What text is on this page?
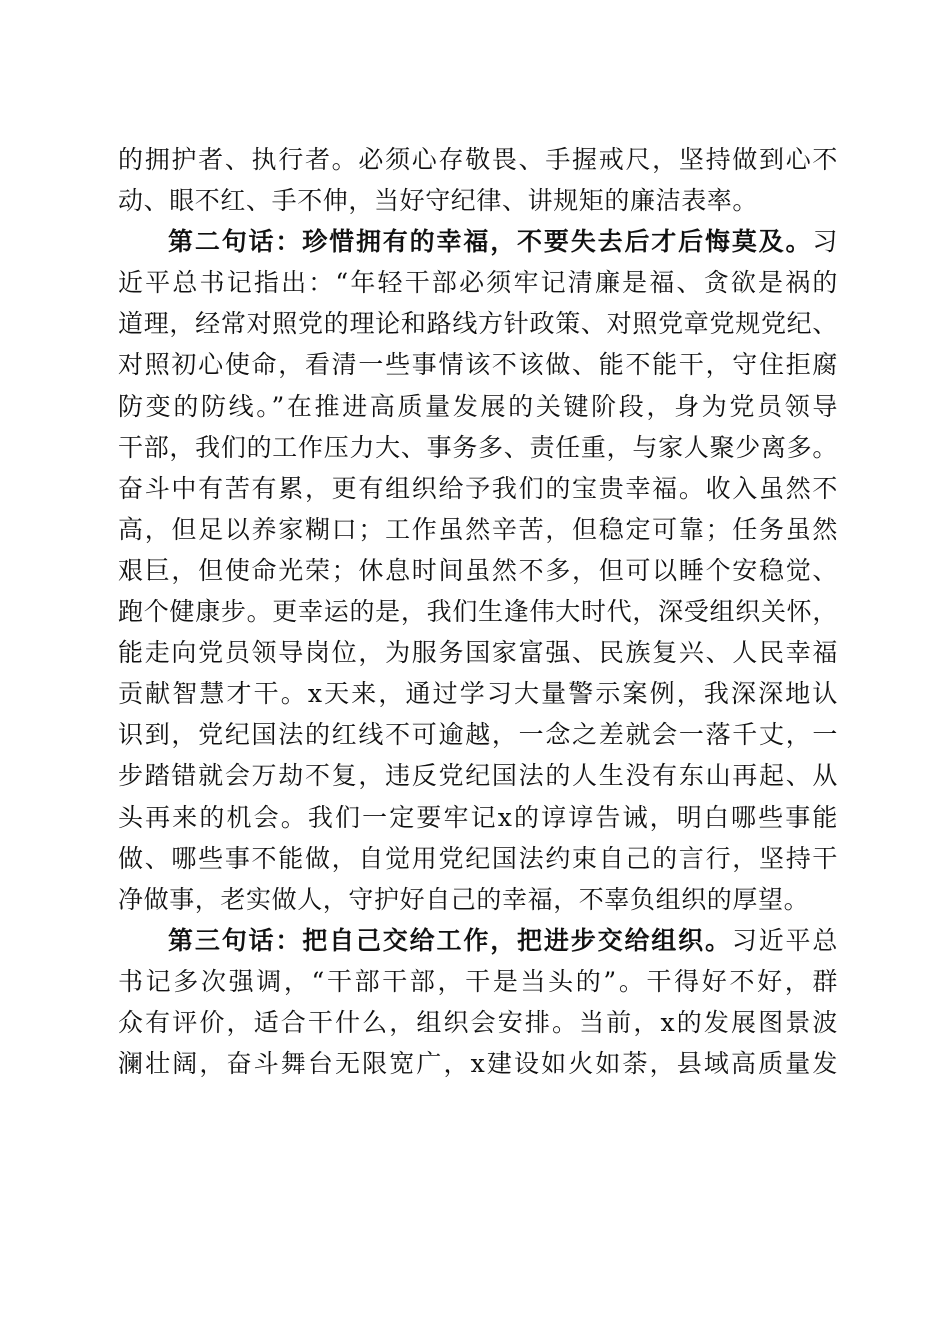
的拥护者、执行者。必须心存敬畏、手握戒尺，坚持做到心不
动、眼不红、手不伸，当好守纪律、讲规矩的廉洁表率。
第二句话：珍惜拥有的幸福，不要失去后才后悔莫及。习
近平总书记指出：“年轻干部必须牢记清廉是福、贪欲是祸的
道理，经常对照党的理论和路线方针政策、对照党章党规党纪、
对照初心使命，看清一些事情该不该做、能不能干，守住拒腐
防变的防线。”在推进高质量发展的关键阶段，身为党员领导
干部，我们的工作压力大、事务多、责任重，与家人聚少离多。
奋斗中有苦有累，更有组织给予我们的宝贵幸福。收入虽然不
高，但足以养家糊口；工作虽然辛苦，但稳定可靠；任务虽然
艰巨，但使命光荣；休息时间虽然不多，但可以睡个安稳觉、
跑个健康步。更幸运的是，我们生逢伟大时代，深受组织关怀，
能走向党员领导岗位，为服务国家富强、民族复兴、人民幸福
贡献智慧才干。x天来，通过学习大量警示案例，我深深地认
识到，党纪国法的红线不可逾越，一念之差就会一落千丈，一
步踏错就会万劫不复，违反党纪国法的人生没有东山再起、从
头再来的机会。我们一定要牢记x的谆谆告诫，明白哪些事能
做、哪些事不能做，自觉用党纪国法约束自己的言行，坚持干
净做事，老实做人，守护好自己的幸福，不辜负组织的厚望。
第三句话：把自己交给工作，把进步交给组织。习近平总
书记多次强调，“干部干部，干是当头的”。干得好不好，群
众有评价，适合干什么，组织会安排。当前，x的发展图景波
澜壮阔，奋斗舞台无限宽广，x建设如火如荼，县域高质量发
